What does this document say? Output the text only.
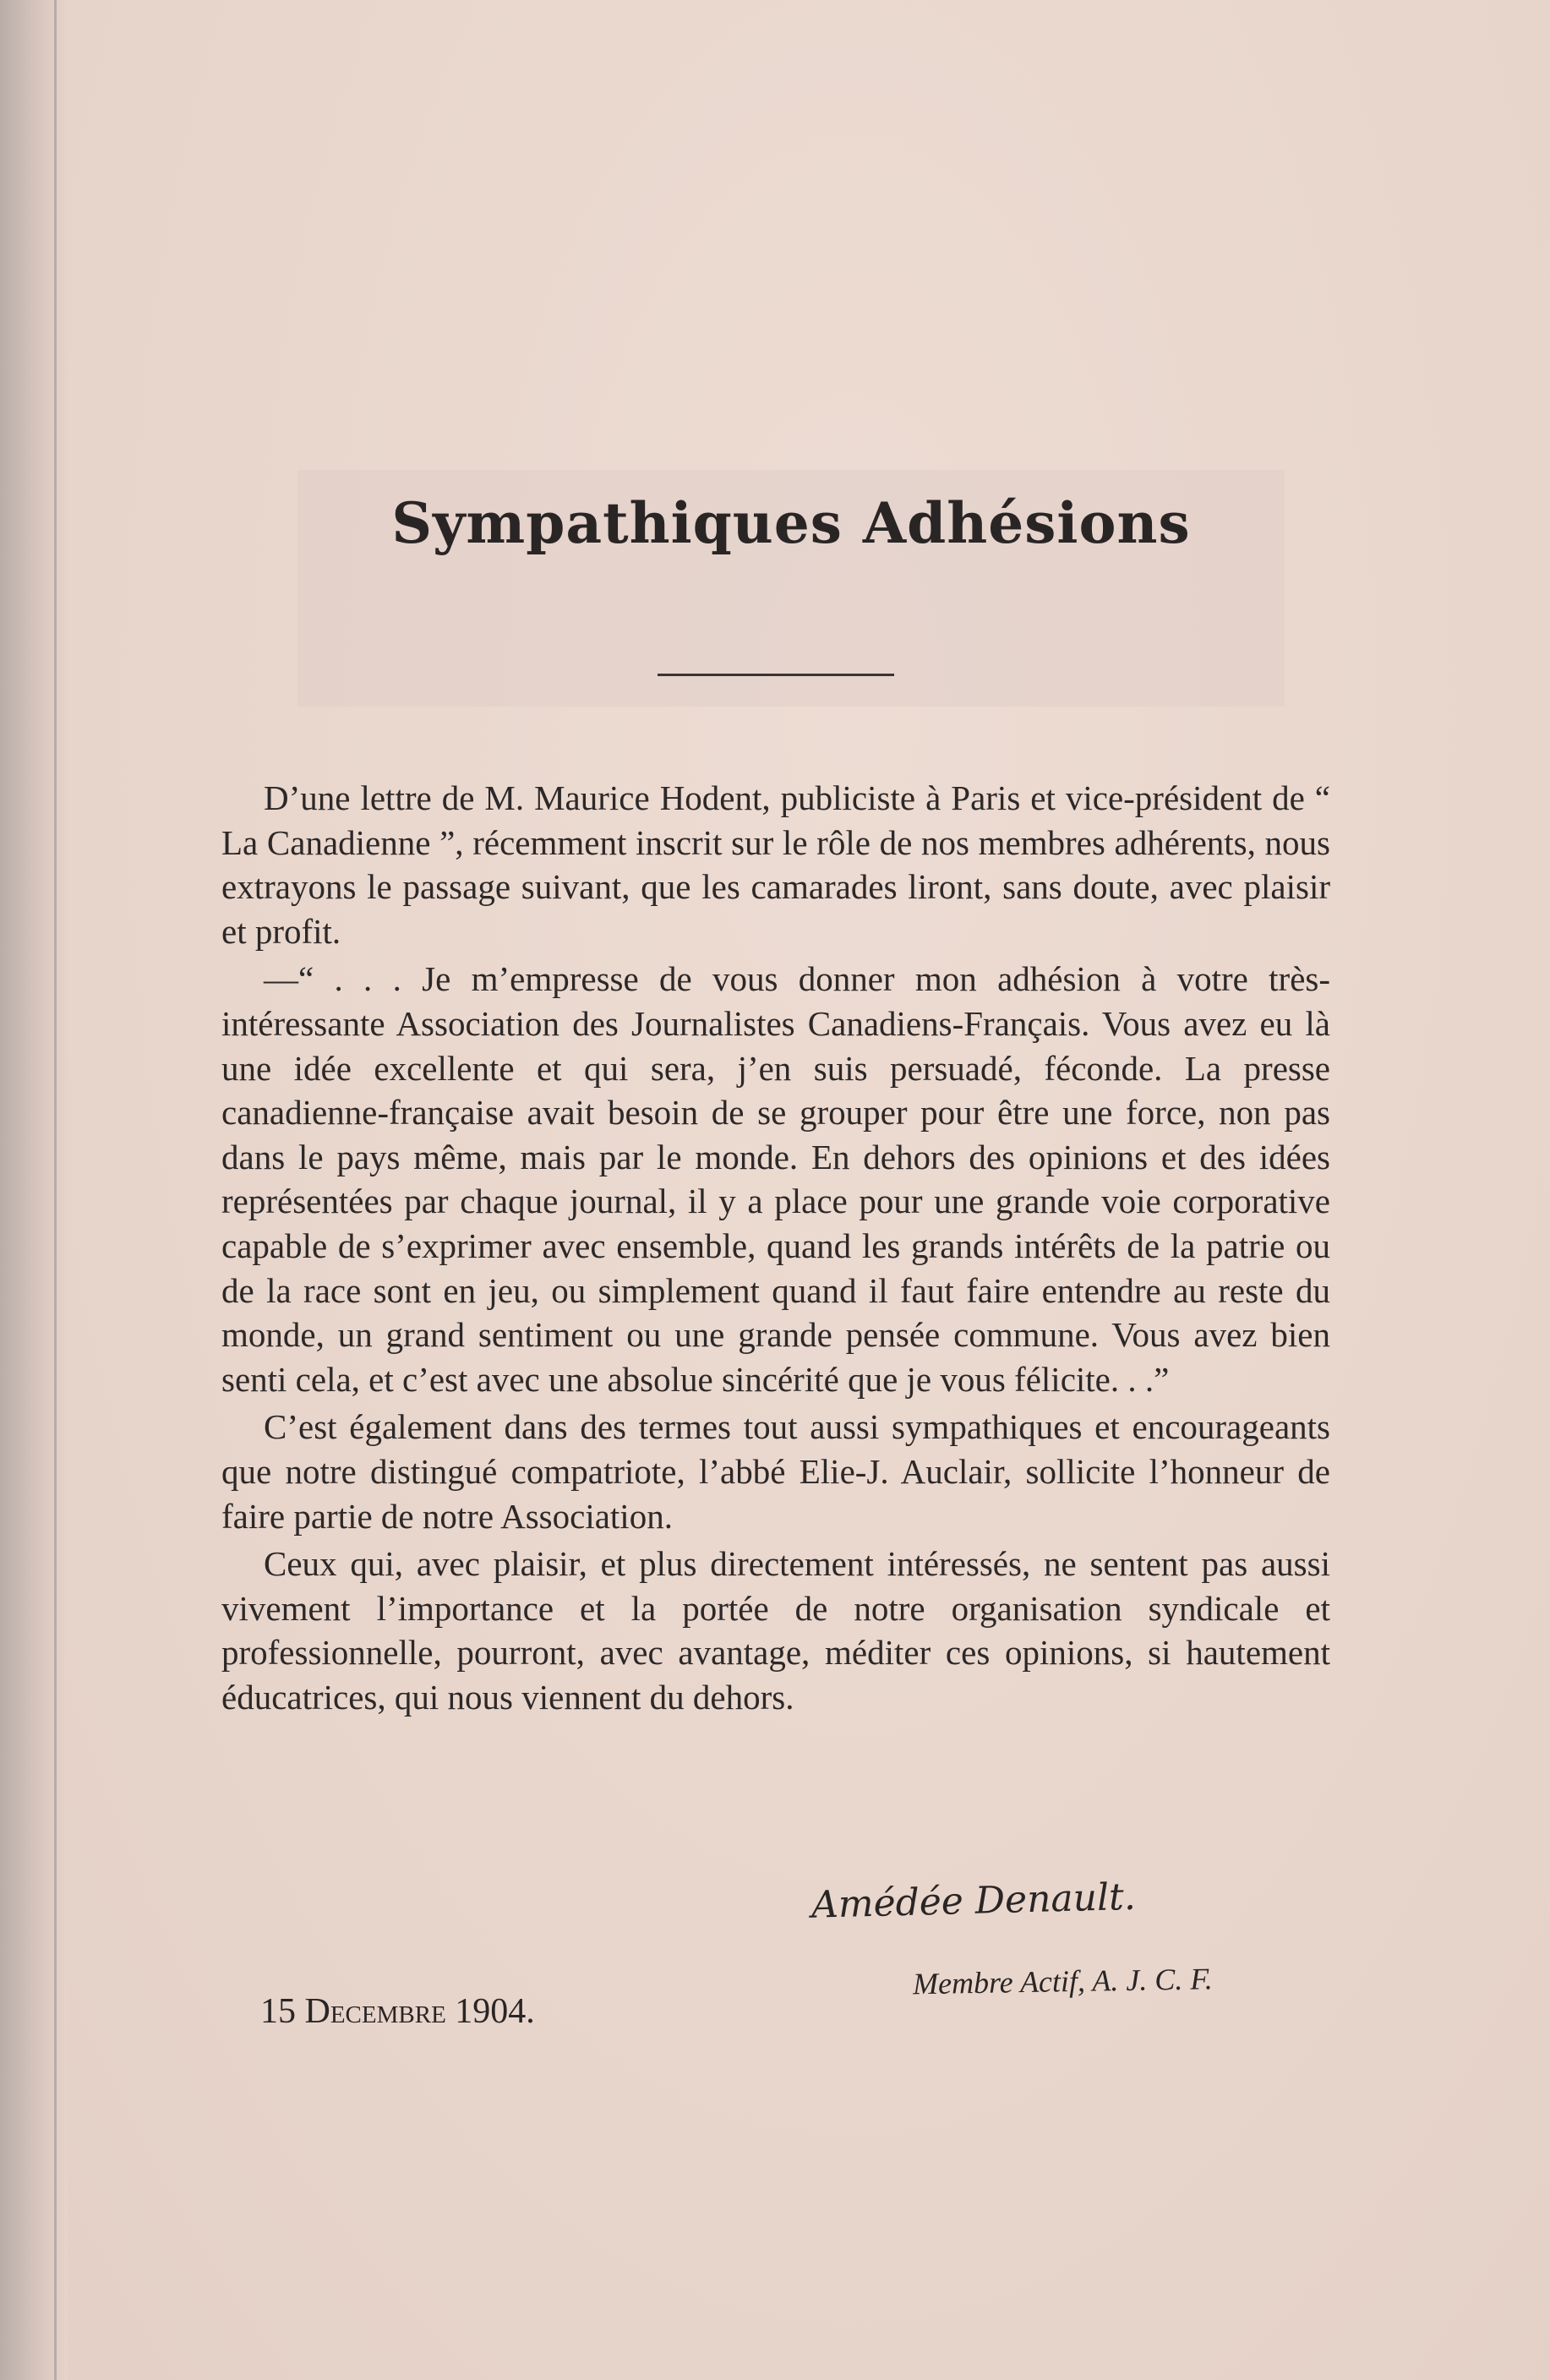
Sympathiques Adhésions

D’une lettre de M. Maurice Hodent, publiciste à Paris et vice-président de “ La Canadienne ”, récemment inscrit sur le rôle de nos membres adhérents, nous extrayons le passage suivant, que les camarades liront, sans doute, avec plaisir et profit.

—“ . . . Je m’empresse de vous donner mon adhésion à votre très-intéressante Association des Journalistes Canadiens-Français. Vous avez eu là une idée excellente et qui sera, j’en suis persuadé, féconde. La presse canadienne-française avait besoin de se grouper pour être une force, non pas dans le pays même, mais par le monde. En dehors des opinions et des idées représentées par chaque journal, il y a place pour une grande voie corporative capable de s’exprimer avec ensemble, quand les grands intérêts de la patrie ou de la race sont en jeu, ou simplement quand il faut faire entendre au reste du monde, un grand sentiment ou une grande pensée commune. Vous avez bien senti cela, et c’est avec une absolue sincérité que je vous félicite. . .”

C’est également dans des termes tout aussi sympathiques et encourageants que notre distingué compatriote, l’abbé Elie-J. Auclair, sollicite l’honneur de faire partie de notre Association.

Ceux qui, avec plaisir, et plus directement intéressés, ne sentent pas aussi vivement l’importance et la portée de notre organisation syndicale et professionnelle, pourront, avec avantage, méditer ces opinions, si hautement éducatrices, qui nous viennent du dehors.

Amédée Denault.
Membre Actif, A. J. C. F.
15 Decembre 1904.
